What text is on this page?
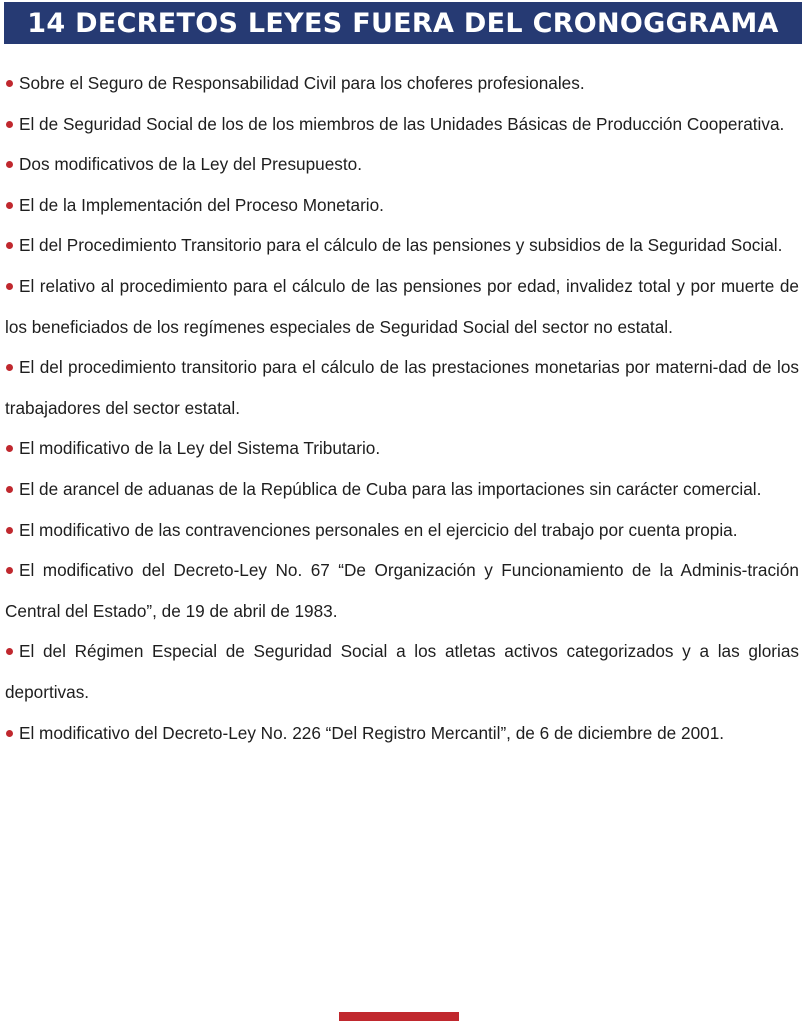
14 DECRETOS LEYES FUERA DEL CRONOGGRAMA
Sobre el Seguro de Responsabilidad Civil para los choferes profesionales.
El de Seguridad Social de los de los miembros de las Unidades Básicas de Producción Cooperativa.
Dos modificativos de la Ley del Presupuesto.
El de la Implementación del Proceso Monetario.
El del Procedimiento Transitorio para el cálculo de las pensiones y subsidios de la Seguridad Social.
El relativo al procedimiento para el cálculo de las pensiones por edad, invalidez total y por muerte de los beneficiados de los regímenes especiales de Seguridad Social del sector no estatal.
El del procedimiento transitorio para el cálculo de las prestaciones monetarias por materni-dad de los trabajadores del sector estatal.
El modificativo de la Ley del Sistema Tributario.
El de arancel de aduanas de la República de Cuba para las importaciones sin carácter comercial.
El modificativo de las contravenciones personales en el ejercicio del trabajo por cuenta propia.
El modificativo del Decreto-Ley No. 67 “De Organización y Funcionamiento de la Adminis-tración Central del Estado”, de 19 de abril de 1983.
El del Régimen Especial de Seguridad Social a los atletas activos categorizados y a las glorias deportivas.
El modificativo del Decreto-Ley No. 226 “Del Registro Mercantil”, de 6 de diciembre de 2001.
